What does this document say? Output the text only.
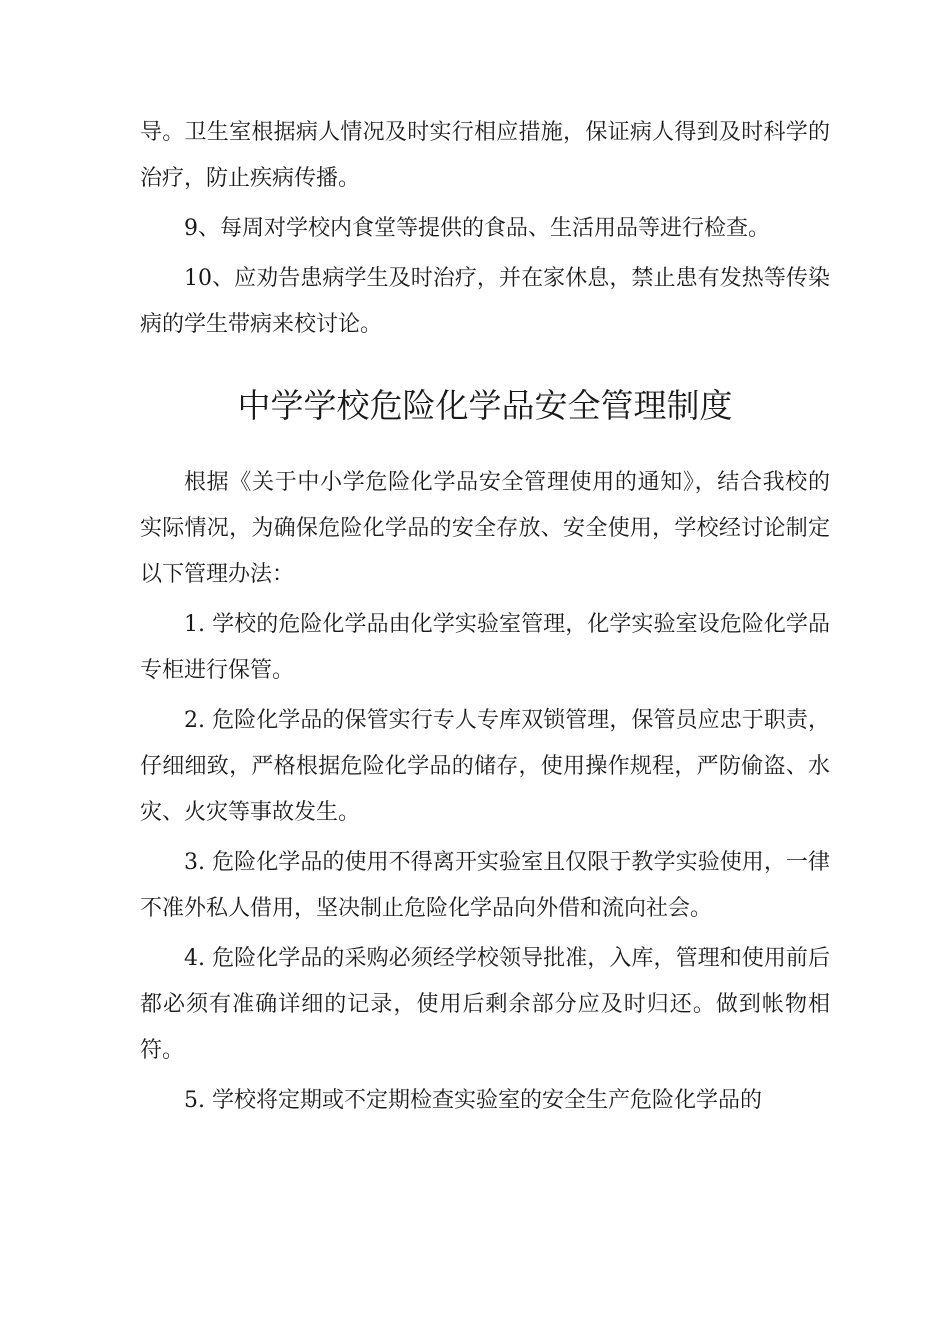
导。卫生室根据病人情况及时实行相应措施，保证病人得到及时科学的治疗，防止疾病传播。

9、每周对学校内食堂等提供的食品、生活用品等进行检查。

10、应劝告患病学生及时治疗，并在家休息，禁止患有发热等传染病的学生带病来校讨论。

中学学校危险化学品安全管理制度

根据《关于中小学危险化学品安全管理使用的通知》，结合我校的实际情况，为确保危险化学品的安全存放、安全使用，学校经讨论制定以下管理办法：

1. 学校的危险化学品由化学实验室管理，化学实验室设危险化学品专柜进行保管。

2. 危险化学品的保管实行专人专库双锁管理，保管员应忠于职责，仔细细致，严格根据危险化学品的储存，使用操作规程，严防偷盗、水灾、火灾等事故发生。

3. 危险化学品的使用不得离开实验室且仅限于教学实验使用，一律不准外私人借用，坚决制止危险化学品向外借和流向社会。

4. 危险化学品的采购必须经学校领导批准，入库，管理和使用前后都必须有准确详细的记录，使用后剩余部分应及时归还。做到帐物相符。

5. 学校将定期或不定期检查实验室的安全生产危险化学品的
